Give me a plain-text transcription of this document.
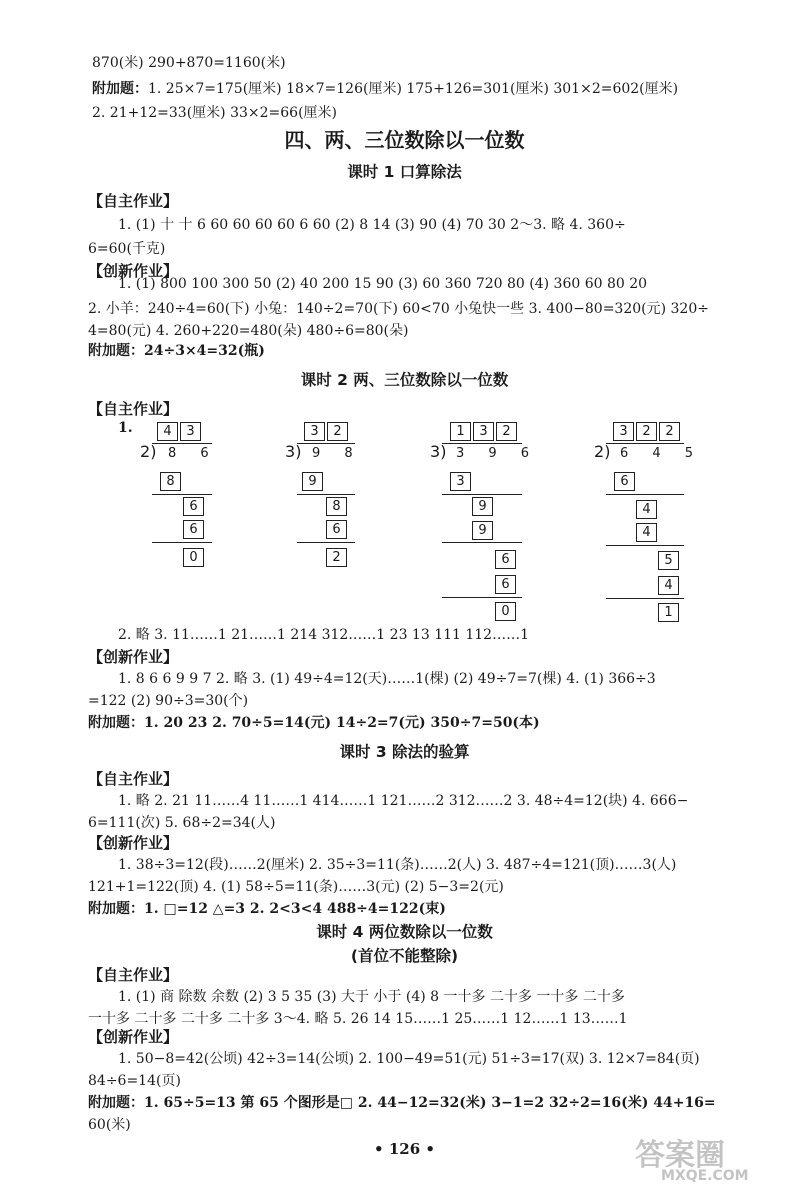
870(米) 290+870=1160(米)
附加题：1. 25×7=175(厘米) 18×7=126(厘米) 175+126=301(厘米) 301×2=602(厘米)
2. 21+12=33(厘米) 33×2=66(厘米)
四、两、三位数除以一位数
课时 1 口算除法
【自主作业】
1. (1) 十 十 6 60 60 60 60 6 60 (2) 8 14 (3) 90 (4) 70 30 2～3. 略 4. 360÷
6=60(千克)
【创新作业】
1. (1) 800 100 300 50 (2) 40 200 15 90 (3) 60 360 720 80 (4) 360 60 80 20
2. 小羊：240÷4=60(下) 小兔：140÷2=70(下) 60<70 小兔快一些 3. 400−80=320(元) 320÷
4=80(元) 4. 260+220=480(朵) 480÷6=80(朵)
附加题：24÷3×4=32(瓶)
课时 2 两、三位数除以一位数
【自主作业】
1.	4 3
2) 8 6
8
6
6
0
3 2
3) 9 8
9
8
6
2
1 3 2
3) 3 9 6
3
9
9
6
6
0
3 2 2
2) 6 4 5
6
4
4
5
4
1
2. 略 3. 11……1 21……1 214 312……1 23 13 111 112……1
【创新作业】
1. 8 6 6 9 9 7 2. 略 3. (1) 49÷4=12(天)……1(棵) (2) 49÷7=7(棵) 4. (1) 366÷3
=122 (2) 90÷3=30(个)
附加题：1. 20 23 2. 70÷5=14(元) 14÷2=7(元) 350÷7=50(本)
课时 3 除法的验算
【自主作业】
1. 略 2. 21 11……4 11……1 414……1 121……2 312……2 3. 48÷4=12(块) 4. 666−
6=111(次) 5. 68÷2=34(人)
【创新作业】
1. 38÷3=12(段)……2(厘米) 2. 35÷3=11(条)……2(人) 3. 487÷4=121(顶)……3(人)
121+1=122(顶) 4. (1) 58÷5=11(条)……3(元) (2) 5−3=2(元)
附加题：1. □=12 △=3 2. 2<3<4 488÷4=122(束)
课时 4 两位数除以一位数
(首位不能整除)
【自主作业】
1. (1) 商 除数 余数 (2) 3 5 35 (3) 大于 小于 (4) 8 一十多 二十多 一十多 二十多
一十多 二十多 二十多 二十多 3～4. 略 5. 26 14 15……1 25……1 12……1 13……1
【创新作业】
1. 50−8=42(公顷) 42÷3=14(公顷) 2. 100−49=51(元) 51÷3=17(双) 3. 12×7=84(页)
84÷6=14(页)
附加题：1. 65÷5=13 第 65 个图形是□ 2. 44−12=32(米) 3−1=2 32÷2=16(米) 44+16=
60(米)
• 126 •	答案圈
MXQE.COM
